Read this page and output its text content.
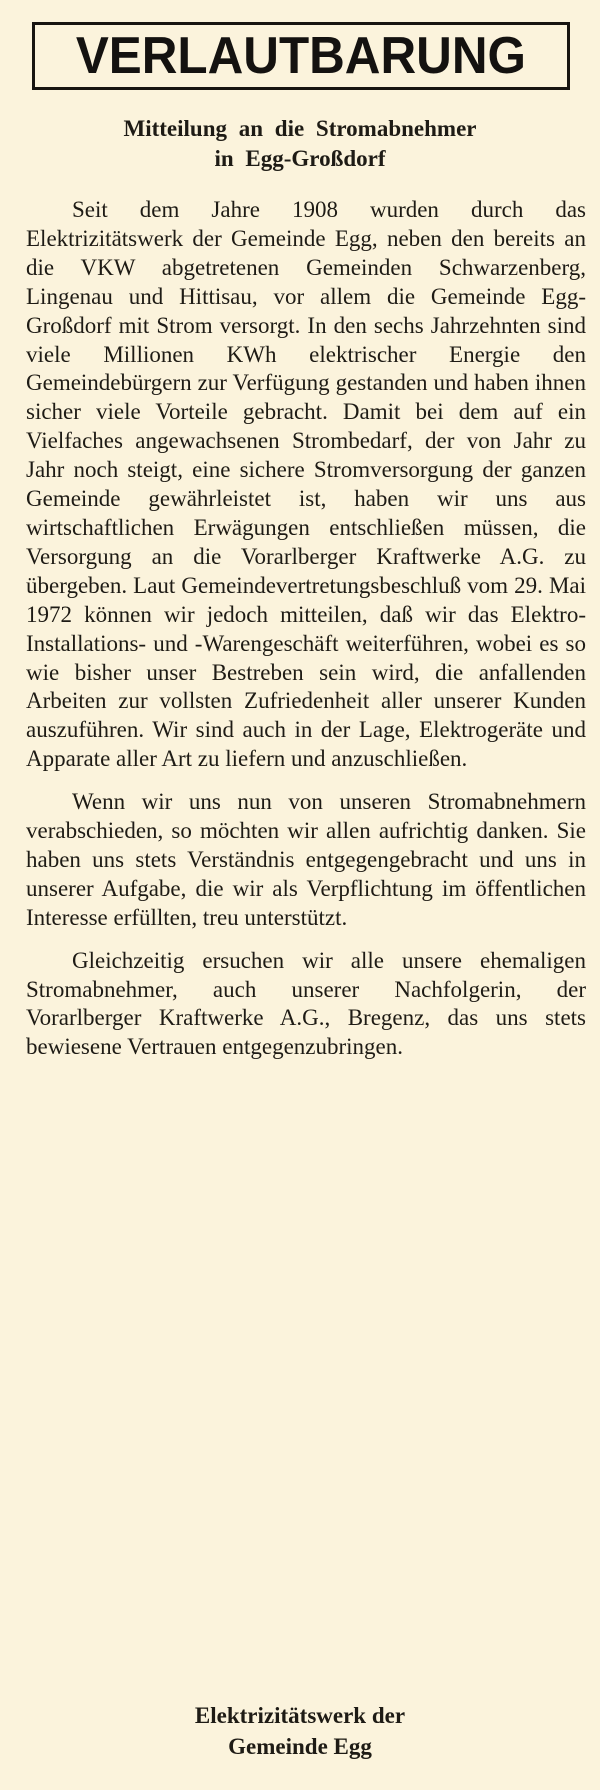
VERLAUTBARUNG
Mitteilung an die Stromabnehmer
in Egg-Großdorf

Seit dem Jahre 1908 wurden durch das Elektrizitätswerk der Gemeinde Egg, neben den bereits an die VKW abgetretenen Gemeinden Schwarzenberg, Lingenau und Hittisau, vor allem die Gemeinde Egg-Großdorf mit Strom versorgt. In den sechs Jahrzehnten sind viele Millionen KWh elektrischer Energie den Gemeindebürgern zur Verfügung gestanden und haben ihnen sicher viele Vorteile gebracht. Damit bei dem auf ein Vielfaches angewachsenen Strombedarf, der von Jahr zu Jahr noch steigt, eine sichere Stromversorgung der ganzen Gemeinde gewährleistet ist, haben wir uns aus wirtschaftlichen Erwägungen entschließen müssen, die Versorgung an die Vorarlberger Kraftwerke A.G. zu übergeben. Laut Gemeindevertretungsbeschluß vom 29. Mai 1972 können wir jedoch mitteilen, daß wir das Elektro-Installations- und -Warengeschäft weiterführen, wobei es so wie bisher unser Bestreben sein wird, die anfallenden Arbeiten zur vollsten Zufriedenheit aller unserer Kunden auszuführen. Wir sind auch in der Lage, Elektrogeräte und Apparate aller Art zu liefern und anzuschließen.

Wenn wir uns nun von unseren Stromabnehmern verabschieden, so möchten wir allen aufrichtig danken. Sie haben uns stets Verständnis entgegengebracht und uns in unserer Aufgabe, die wir als Verpflichtung im öffentlichen Interesse erfüllten, treu unterstützt.

Gleichzeitig ersuchen wir alle unsere ehemaligen Stromabnehmer, auch unserer Nachfolgerin, der Vorarlberger Kraftwerke A.G., Bregenz, das uns stets bewiesene Vertrauen entgegenzubringen.

Elektrizitätswerk der
Gemeinde Egg
